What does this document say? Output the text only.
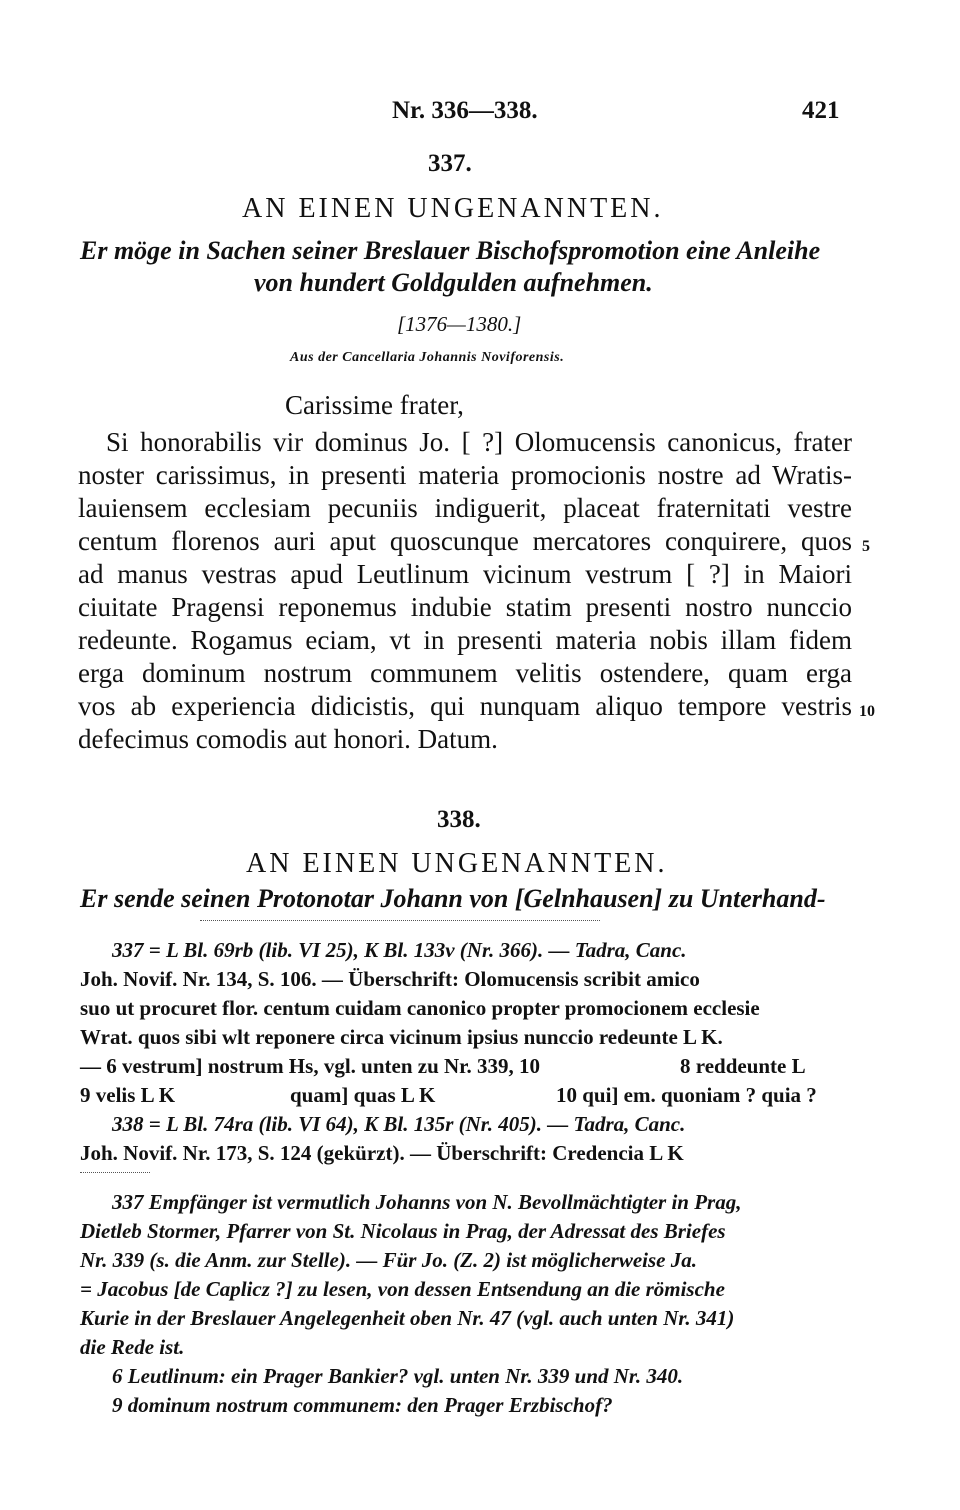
Nr. 336—338.	421
337.
AN EINEN UNGENANNTEN.
Er möge in Sachen seiner Breslauer Bischofspromotion eine Anleihe
von hundert Goldgulden aufnehmen.
[1376—1380.]
Aus der Cancellaria Johannis Noviforensis.
Carissime frater,
Si honorabilis vir dominus Jo. [ ?] Olomucensis canonicus, frater
noster carissimus, in presenti materia promocionis nostre ad Wratis-
lauiensem ecclesiam pecuniis indiguerit, placeat fraternitati vestre
centum florenos auri aput quoscunque mercatores conquirere, quos
ad manus vestras apud Leutlinum vicinum vestrum [ ?] in Maiori
ciuitate Pragensi reponemus indubie statim presenti nostro nunccio
redeunte. Rogamus eciam, vt in presenti materia nobis illam fidem
erga dominum nostrum communem velitis ostendere, quam erga
vos ab experiencia didicistis, qui nunquam aliquo tempore vestris
defecimus comodis aut honori. Datum.
5
10
338.
AN EINEN UNGENANNTEN.
Er sende seinen Protonotar Johann von [Gelnhausen] zu Unterhand-
337 = L Bl. 69rb (lib. VI 25), K Bl. 133v (Nr. 366). — Tadra, Canc.
Joh. Novif. Nr. 134, S. 106. — Überschrift: Olomucensis scribit amico
suo ut procuret flor. centum cuidam canonico propter promocionem ecclesie
Wrat. quos sibi wlt reponere circa vicinum ipsius nunccio redeunte L K.
— 6 vestrum] nostrum Hs, vgl. unten zu Nr. 339, 10	8 reddeunte L
9 velis L K	quam] quas L K	10 qui] em. quoniam ? quia ?
338 = L Bl. 74ra (lib. VI 64), K Bl. 135r (Nr. 405). — Tadra, Canc.
Joh. Novif. Nr. 173, S. 124 (gekürzt). — Überschrift: Credencia L K
337 Empfänger ist vermutlich Johanns von N. Bevollmächtigter in Prag,
Dietleb Stormer, Pfarrer von St. Nicolaus in Prag, der Adressat des Briefes
Nr. 339 (s. die Anm. zur Stelle). — Für Jo. (Z. 2) ist möglicherweise Ja.
= Jacobus [de Caplicz ?] zu lesen, von dessen Entsendung an die römische
Kurie in der Breslauer Angelegenheit oben Nr. 47 (vgl. auch unten Nr. 341)
die Rede ist.
6 Leutlinum: ein Prager Bankier? vgl. unten Nr. 339 und Nr. 340.
9 dominum nostrum communem: den Prager Erzbischof?
